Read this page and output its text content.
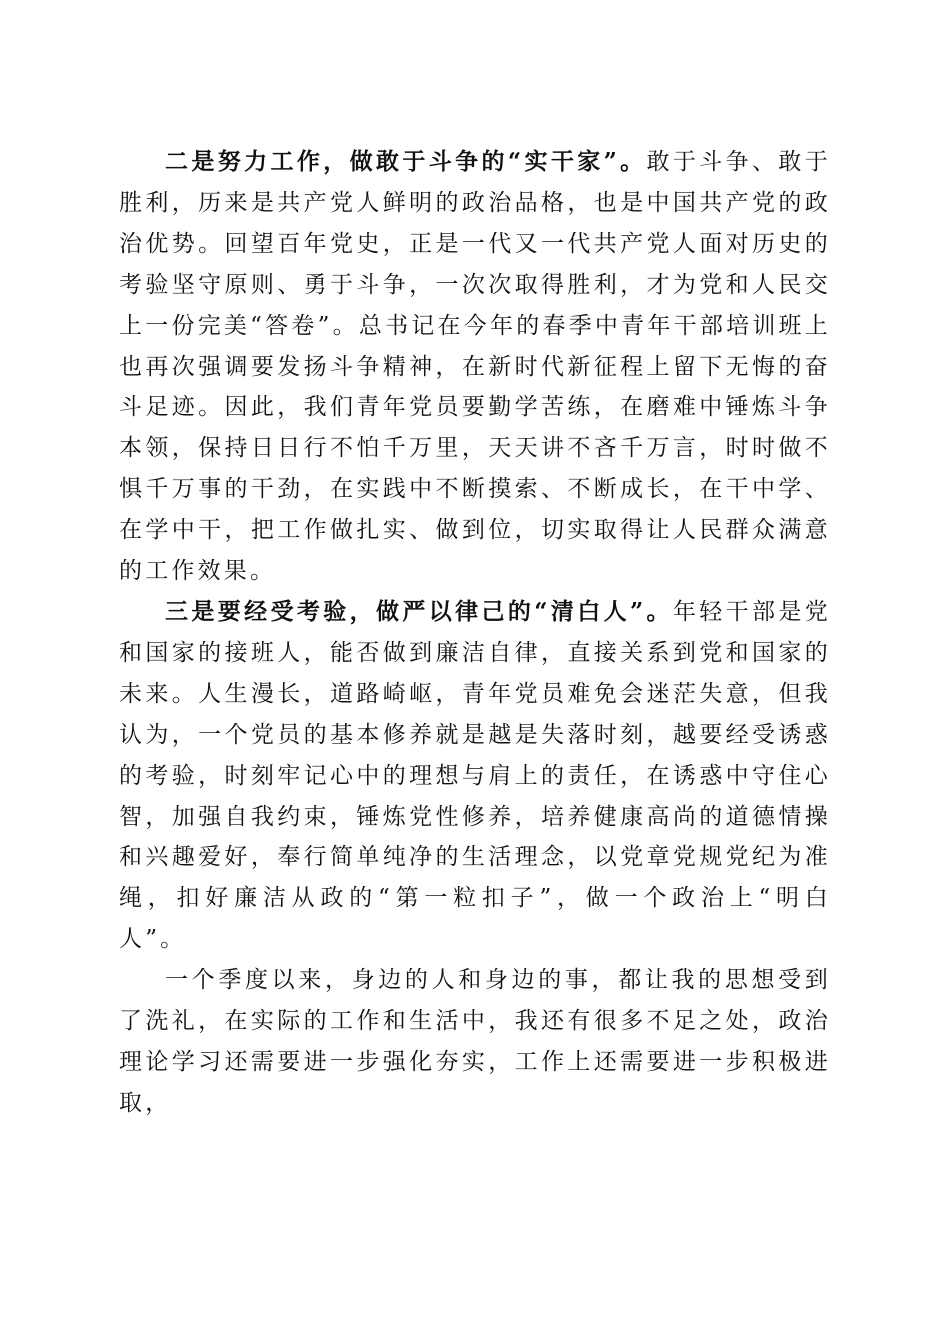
二是努力工作，做敢于斗争的“实干家”。敢于斗争、敢于胜利，历来是共产党人鲜明的政治品格，也是中国共产党的政治优势。回望百年党史，正是一代又一代共产党人面对历史的考验坚守原则、勇于斗争，一次次取得胜利，才为党和人民交上一份完美“答卷”。总书记在今年的春季中青年干部培训班上也再次强调要发扬斗争精神，在新时代新征程上留下无悔的奋斗足迹。因此，我们青年党员要勤学苦练，在磨难中锤炼斗争本领，保持日日行不怕千万里，天天讲不吝千万言，时时做不惧千万事的干劲，在实践中不断摸索、不断成长，在干中学、在学中干，把工作做扎实、做到位，切实取得让人民群众满意的工作效果。

三是要经受考验，做严以律己的“清白人”。年轻干部是党和国家的接班人，能否做到廉洁自律，直接关系到党和国家的未来。人生漫长，道路崎岖，青年党员难免会迷茫失意，但我认为，一个党员的基本修养就是越是失落时刻，越要经受诱惑的考验，时刻牢记心中的理想与肩上的责任，在诱惑中守住心智，加强自我约束，锤炼党性修养，培养健康高尚的道德情操和兴趣爱好，奉行简单纯净的生活理念，以党章党规党纪为准绳，扣好廉洁从政的“第一粒扣子”，做一个政治上“明白人”。

一个季度以来，身边的人和身边的事，都让我的思想受到了洗礼，在实际的工作和生活中，我还有很多不足之处，政治理论学习还需要进一步强化夯实，工作上还需要进一步积极进取，
